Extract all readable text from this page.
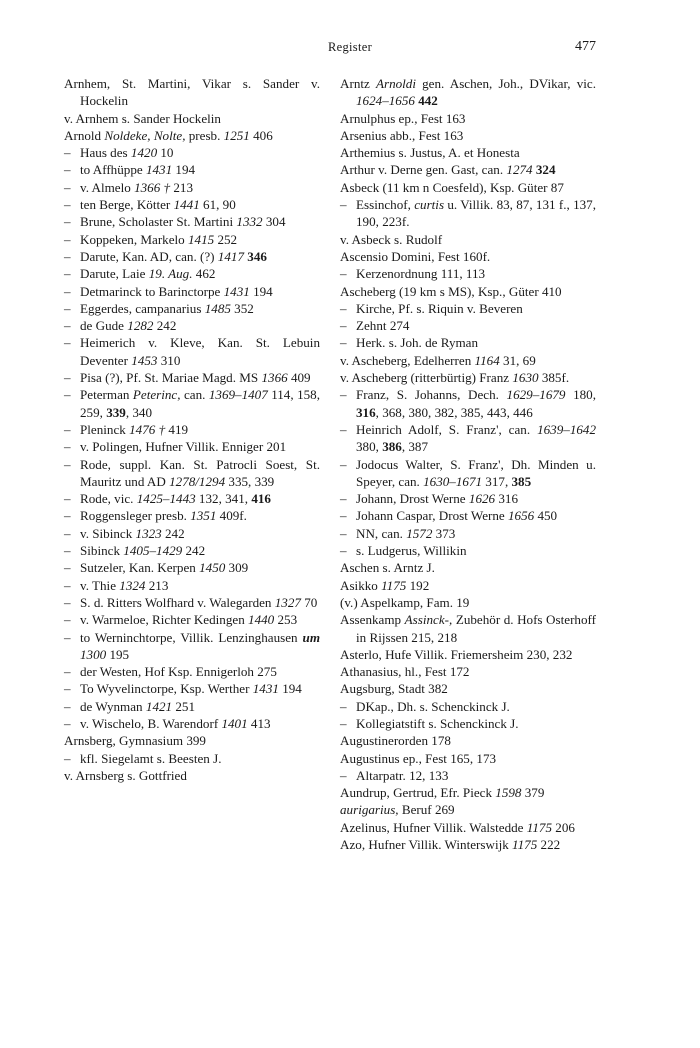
Register	477
Arnhem, St. Martini, Vikar s. Sander v. Hockelin
v. Arnhem s. Sander Hockelin
Arnold Noldeke, Nolte, presb. 1251 406
– Haus des 1420 10
– to Affhüppe 1431 194
– v. Almelo 1366 † 213
– ten Berge, Kötter 1441 61, 90
– Brune, Scholaster St. Martini 1332 304
– Koppeken, Markelo 1415 252
– Darute, Kan. AD, can. (?) 1417 346
– Darute, Laie 19. Aug. 462
– Detmarinck to Barinctorpe 1431 194
– Eggerdes, campanarius 1485 352
– de Gude 1282 242
– Heimerich v. Kleve, Kan. St. Lebuin Deventer 1453 310
– Pisa (?), Pf. St. Mariae Magd. MS 1366 409
– Peterman Peterinc, can. 1369–1407 114, 158, 259, 339, 340
– Pleninck 1476 † 419
– v. Polingen, Hufner Villik. Enniger 201
– Rode, suppl. Kan. St. Patrocli Soest, St. Mauritz und AD 1278/1294 335, 339
– Rode, vic. 1425–1443 132, 341, 416
– Roggensleger presb. 1351 409f.
– v. Sibinck 1323 242
– Sibinck 1405–1429 242
– Sutzeler, Kan. Kerpen 1450 309
– v. Thie 1324 213
– S. d. Ritters Wolfhard v. Walegarden 1327 70
– v. Warmeloe, Richter Kedingen 1440 253
– to Werninchtorpe, Villik. Lenzinghausen um 1300 195
– der Westen, Hof Ksp. Ennigerloh 275
– To Wyvelinctorpe, Ksp. Werther 1431 194
– de Wynman 1421 251
– v. Wischelo, B. Warendorf 1401 413
Arnsberg, Gymnasium 399
– kfl. Siegelamt s. Beesten J.
v. Arnsberg s. Gottfried
Arntz Arnoldi gen. Aschen, Joh., DVikar, vic. 1624–1656 442
Arnulphus ep., Fest 163
Arsenius abb., Fest 163
Arthemius s. Justus, A. et Honesta
Arthur v. Derne gen. Gast, can. 1274 324
Asbeck (11 km n Coesfeld), Ksp. Güter 87
– Essinchof, curtis u. Villik. 83, 87, 131 f., 137, 190, 223f.
v. Asbeck s. Rudolf
Ascensio Domini, Fest 160f.
– Kerzenordnung 111, 113
Ascheberg (19 km s MS), Ksp., Güter 410
– Kirche, Pf. s. Riquin v. Beveren
– Zehnt 274
– Herk. s. Joh. de Ryman
v. Ascheberg, Edelherren 1164 31, 69
v. Ascheberg (ritterbürtig) Franz 1630 385f.
– Franz, S. Johanns, Dech. 1629–1679 180, 316, 368, 380, 382, 385, 443, 446
– Heinrich Adolf, S. Franz', can. 1639–1642 380, 386, 387
– Jodocus Walter, S. Franz', Dh. Minden u. Speyer, can. 1630–1671 317, 385
– Johann, Drost Werne 1626 316
– Johann Caspar, Drost Werne 1656 450
– NN, can. 1572 373
– s. Ludgerus, Willikin
Aschen s. Arntz J.
Asikko 1175 192
(v.) Aspelkamp, Fam. 19
Assenkamp Assinck-, Zubehör d. Hofs Osterhoff in Rijssen 215, 218
Asterlo, Hufe Villik. Friemersheim 230, 232
Athanasius, hl., Fest 172
Augsburg, Stadt 382
– DKap., Dh. s. Schenckinck J.
– Kollegiatstift s. Schenckinck J.
Augustinerorden 178
Augustinus ep., Fest 165, 173
– Altarpatr. 12, 133
Aundrup, Gertrud, Efr. Pieck 1598 379
aurigarius, Beruf 269
Azelinus, Hufner Villik. Walstedde 1175 206
Azo, Hufner Villik. Winterswijk 1175 222
